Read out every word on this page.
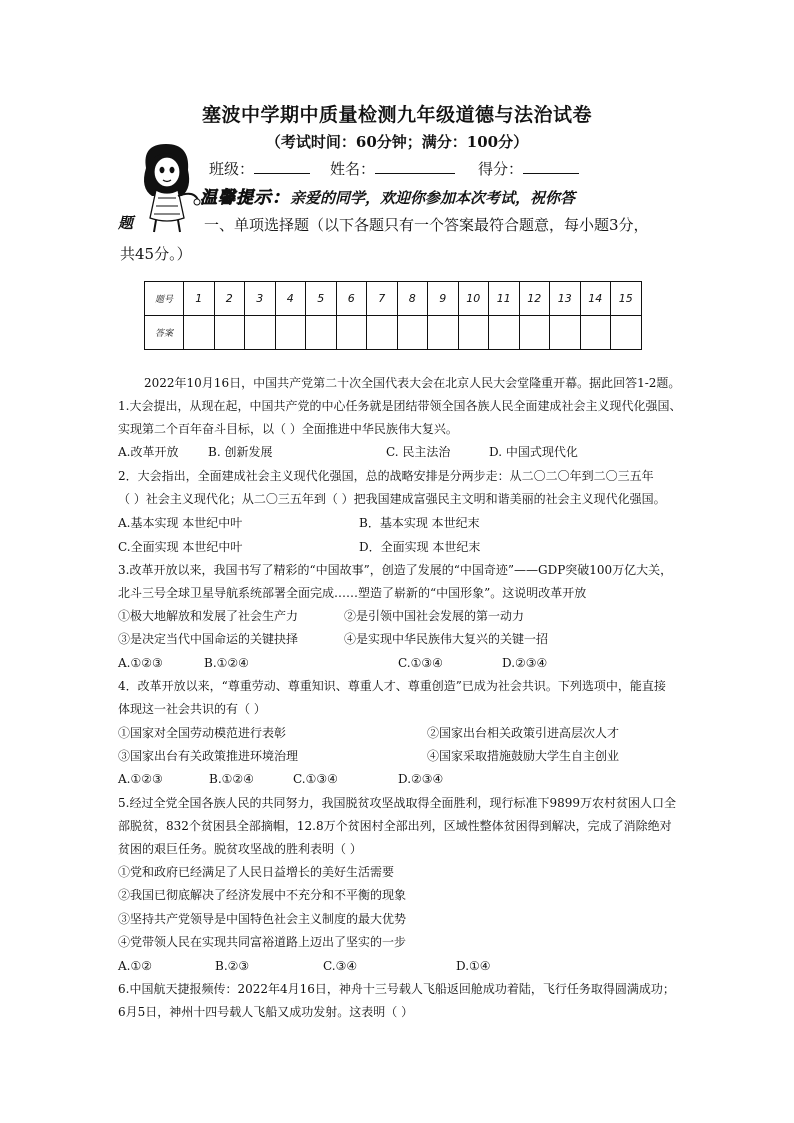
塞波中学期中质量检测九年级道德与法治试卷
（考试时间：60分钟；满分：100分）
班级：	姓名：	得分：
温馨提示：亲爱的同学，欢迎你参加本次考试，祝你答
题	一、单项选择题（以下各题只有一个答案最符合题意，每小题3分，
共45分。）
题号	1	2	3	4	5	6	7	8	9	10	11	12	13	14	15
答案															
2022年10月16日，中国共产党第二十次全国代表大会在北京人民大会堂隆重开幕。据此回答1-2题。
1.大会提出，从现在起，中国共产党的中心任务就是团结带领全国各族人民全面建成社会主义现代化强国、
实现第二个百年奋斗目标，以（ ）全面推进中华民族伟大复兴。
A.改革开放 B. 创新发展	C. 民主法治	D. 中国式现代化
2．大会指出，全面建成社会主义现代化强国，总的战略安排是分两步走：从二〇二〇年到二〇三五年
（ ）社会主义现代化；从二〇三五年到（ ）把我国建成富强民主文明和谐美丽的社会主义现代化强国。
A.基本实现 本世纪中叶	B．基本实现 本世纪末
C.全面实现 本世纪中叶	D．全面实现 本世纪末
3.改革开放以来，我国书写了精彩的“中国故事”，创造了发展的“中国奇迹”——GDP突破100万亿大关，
北斗三号全球卫星导航系统部署全面完成……塑造了崭新的“中国形象”。这说明改革开放
①极大地解放和发展了社会生产力	②是引领中国社会发展的第一动力
③是决定当代中国命运的关键抉择	④是实现中华民族伟大复兴的关键一招
A.①②③	B.①②④	C.①③④	D.②③④
4．改革开放以来，“尊重劳动、尊重知识、尊重人才、尊重创造”已成为社会共识。下列选项中，能直接
体现这一社会共识的有（ ）
①国家对全国劳动模范进行表彰	②国家出台相关政策引进高层次人才
③国家出台有关政策推进环境治理	④国家采取措施鼓励大学生自主创业
A.①②③	B.①②④	C.①③④	D.②③④
5.经过全党全国各族人民的共同努力，我国脱贫攻坚战取得全面胜利，现行标准下9899万农村贫困人口全
部脱贫，832个贫困县全部摘帽，12.8万个贫困村全部出列，区域性整体贫困得到解决，完成了消除绝对
贫困的艰巨任务。脱贫攻坚战的胜利表明（ ）
①党和政府已经满足了人民日益增长的美好生活需要
②我国已彻底解决了经济发展中不充分和不平衡的现象
③坚持共产党领导是中国特色社会主义制度的最大优势
④党带领人民在实现共同富裕道路上迈出了坚实的一步
A.①②	B.②③	C.③④	D.①④
6.中国航天捷报频传：2022年4月16日，神舟十三号载人飞船返回舱成功着陆，飞行任务取得圆满成功；
6月5日，神州十四号载人飞船又成功发射。这表明（ ）
